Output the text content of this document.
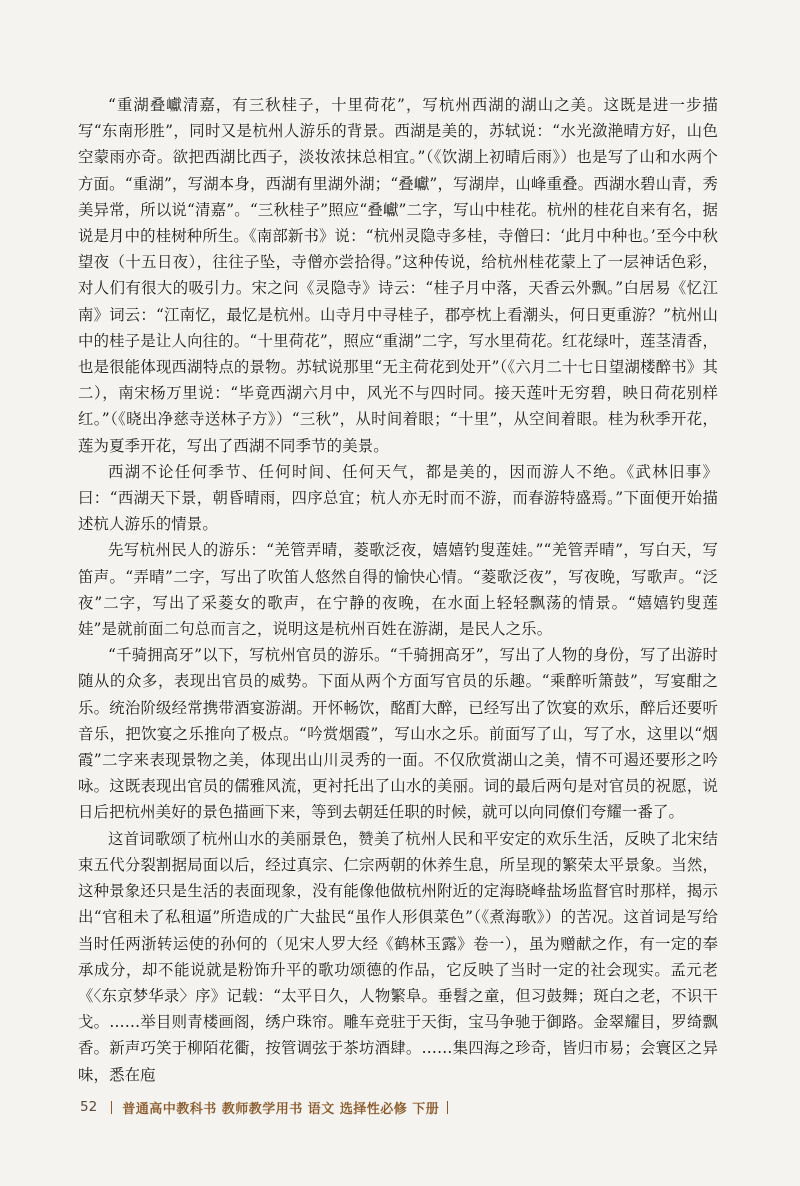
“重湖叠巘清嘉，有三秋桂子，十里荷花”，写杭州西湖的湖山之美。这既是进一步描写“东南形胜”，同时又是杭州人游乐的背景。西湖是美的，苏轼说：“水光潋滟晴方好，山色空蒙雨亦奇。欲把西湖比西子，淡妆浓抹总相宜。”（《饮湖上初晴后雨》）也是写了山和水两个方面。“重湖”，写湖本身，西湖有里湖外湖；“叠巘”，写湖岸，山峰重叠。西湖水碧山青，秀美异常，所以说“清嘉”。“三秋桂子”照应“叠巘”二字，写山中桂花。杭州的桂花自来有名，据说是月中的桂树种所生。《南部新书》说：“杭州灵隐寺多桂，寺僧曰：‘此月中种也。’至今中秋望夜（十五日夜），往往子坠，寺僧亦尝拾得。”这种传说，给杭州桂花蒙上了一层神话色彩，对人们有很大的吸引力。宋之问《灵隐寺》诗云：“桂子月中落，天香云外飘。”白居易《忆江南》词云：“江南忆，最忆是杭州。山寺月中寻桂子，郡亭枕上看潮头，何日更重游？”杭州山中的桂子是让人向往的。“十里荷花”，照应“重湖”二字，写水里荷花。红花绿叶，莲茎清香，也是很能体现西湖特点的景物。苏轼说那里“无主荷花到处开”（《六月二十七日望湖楼醉书》其二），南宋杨万里说：“毕竟西湖六月中，风光不与四时同。接天莲叶无穷碧，映日荷花别样红。”（《晓出净慈寺送林子方》）“三秋”，从时间着眼；“十里”，从空间着眼。桂为秋季开花，莲为夏季开花，写出了西湖不同季节的美景。

西湖不论任何季节、任何时间、任何天气，都是美的，因而游人不绝。《武林旧事》曰：“西湖天下景，朝昏晴雨，四序总宜；杭人亦无时而不游，而春游特盛焉。”下面便开始描述杭人游乐的情景。

先写杭州民人的游乐：“羌管弄晴，菱歌泛夜，嬉嬉钓叟莲娃。”“羌管弄晴”，写白天，写笛声。“弄晴”二字，写出了吹笛人悠然自得的愉快心情。“菱歌泛夜”，写夜晚，写歌声。“泛夜”二字，写出了采菱女的歌声，在宁静的夜晚，在水面上轻轻飘荡的情景。“嬉嬉钓叟莲娃”是就前面二句总而言之，说明这是杭州百姓在游湖，是民人之乐。

“千骑拥高牙”以下，写杭州官员的游乐。“千骑拥高牙”，写出了人物的身份，写了出游时随从的众多，表现出官员的威势。下面从两个方面写官员的乐趣。“乘醉听箫鼓”，写宴酣之乐。统治阶级经常携带酒宴游湖。开怀畅饮，酩酊大醉，已经写出了饮宴的欢乐，醉后还要听音乐，把饮宴之乐推向了极点。“吟赏烟霞”，写山水之乐。前面写了山，写了水，这里以“烟霞”二字来表现景物之美，体现出山川灵秀的一面。不仅欣赏湖山之美，情不可遏还要形之吟咏。这既表现出官员的儒雅风流，更衬托出了山水的美丽。词的最后两句是对官员的祝愿，说日后把杭州美好的景色描画下来，等到去朝廷任职的时候，就可以向同僚们夸耀一番了。

这首词歌颂了杭州山水的美丽景色，赞美了杭州人民和平安定的欢乐生活，反映了北宋结束五代分裂割据局面以后，经过真宗、仁宗两朝的休养生息，所呈现的繁荣太平景象。当然，这种景象还只是生活的表面现象，没有能像他做杭州附近的定海晓峰盐场监督官时那样，揭示出“官租未了私租逼”所造成的广大盐民“虽作人形俱菜色”（《煮海歌》）的苦况。这首词是写给当时任两浙转运使的孙何的（见宋人罗大经《鹤林玉露》卷一），虽为赠献之作，有一定的奉承成分，却不能说就是粉饰升平的歌功颂德的作品，它反映了当时一定的社会现实。孟元老《〈东京梦华录〉序》记载：“太平日久，人物繁阜。垂髫之童，但习鼓舞；斑白之老，不识干戈。……举目则青楼画阁，绣户珠帘。雕车竞驻于天街，宝马争驰于御路。金翠耀目，罗绮飘香。新声巧笑于柳陌花衢，按管调弦于茶坊酒肆。……集四海之珍奇，皆归市易；会寰区之异味，悉在庖

52 普通高中教科书 教师教学用书 语文 选择性必修 下册
